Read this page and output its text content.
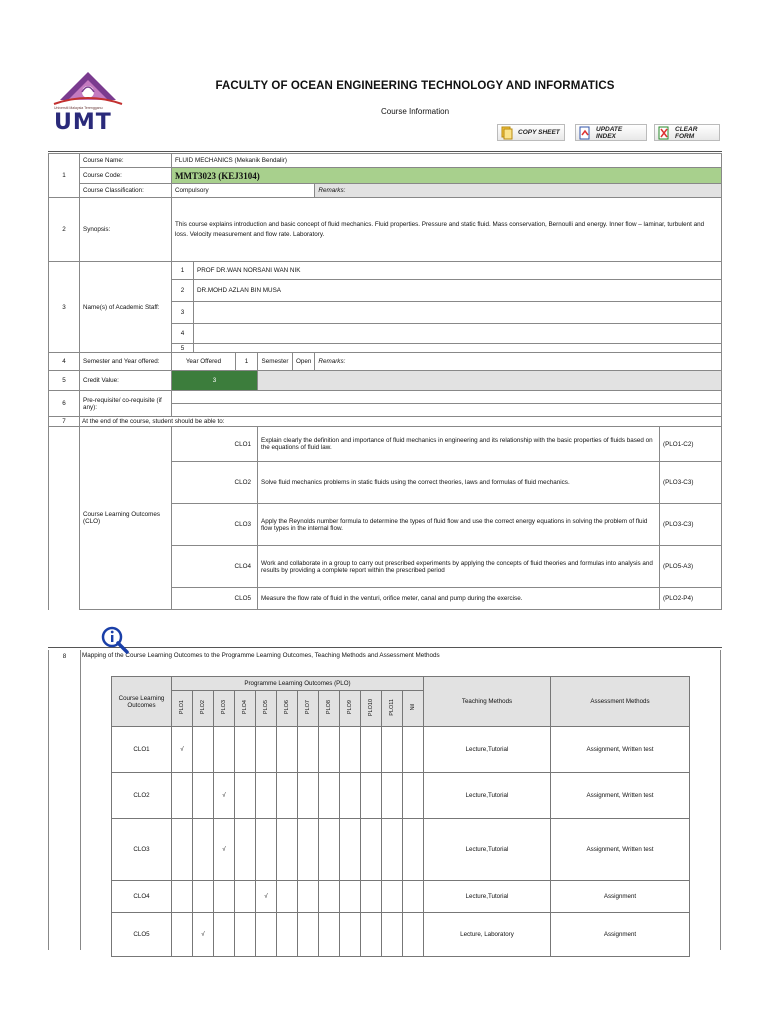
Universiti Malaysia Terengganu
UMT
FACULTY OF OCEAN ENGINEERING TECHNOLOGY AND INFORMATICS
Course Information
COPY SHEET	UPDATE INDEX
CLEAR FORM
1	Course Name:	FLUID MECHANICS (Mekanik Bendalir)						
	Course Code:	MMT3023 (KEJ3104)						
	Course Classification:	Compulsory					Remarks:	
2	Synopsis:	This course explains introduction and basic concept of fluid mechanics. Fluid properties. Pressure and static fluid. Mass conservation, Bernoulli and energy. Inner flow – laminar, turbulent and loss. Velocity measurement and flow rate. Laboratory.						
3	Name(s) of Academic Staff:	1	PROF DR.WAN NORSANI WAN NIK					
		2	DR.MOHD AZLAN BIN MUSA					
		3						
		4						
		5						
4	Semester and Year offered:	Year Offered		1	Semester	Open	Remarks:	
5	Credit Value:	3						
6	Pre-requisite/ co-requisite (if any):							

7	At the end of the course, student should be able to:							
	Course Learning Outcomes (CLO)	CLO1			Explain clearly the definition and importance of fluid mechanics in engineering and its relationship with the basic properties of fluids based on the equations of fluid law.			(PLO1-C2)
		CLO2			Solve fluid mechanics problems in static fluids using the correct theories, laws and formulas of fluid mechanics.			(PLO3-C3)
		CLO3			Apply the Reynolds number formula to determine the types of fluid flow and use the correct energy equations in solving the problem of fluid flow types in the internal flow.			(PLO3-C3)
		CLO4			Work and collaborate in a group to carry out prescribed experiments by applying the concepts of fluid theories and formulas into analysis and results by providing a complete report within the prescribed period			(PLO5-A3)
		CLO5			Measure the flow rate of fluid in the venturi, orifice meter, canal and pump during the exercise.			(PLO2-P4)
8	Mapping of the Course Learning Outcomes to the Programme Learning Outcomes, Teaching Methods and Assessment Methods
Course Learning Outcomes	Programme Learning Outcomes (PLO)												Teaching Methods	Assessment Methods
	PLO1	PLO2	PLO3	PLO4	PLO5	PLO6	PLO7	PLO8	PLO9	PLO10	PLO11	Nil		
CLO1	√												Lecture,Tutorial	Assignment, Written test
CLO2			√										Lecture,Tutorial	Assignment, Written test
CLO3			√										Lecture,Tutorial	Assignment, Written test
CLO4					√								Lecture,Tutorial	Assignment
CLO5		√											Lecture, Laboratory	Assignment
